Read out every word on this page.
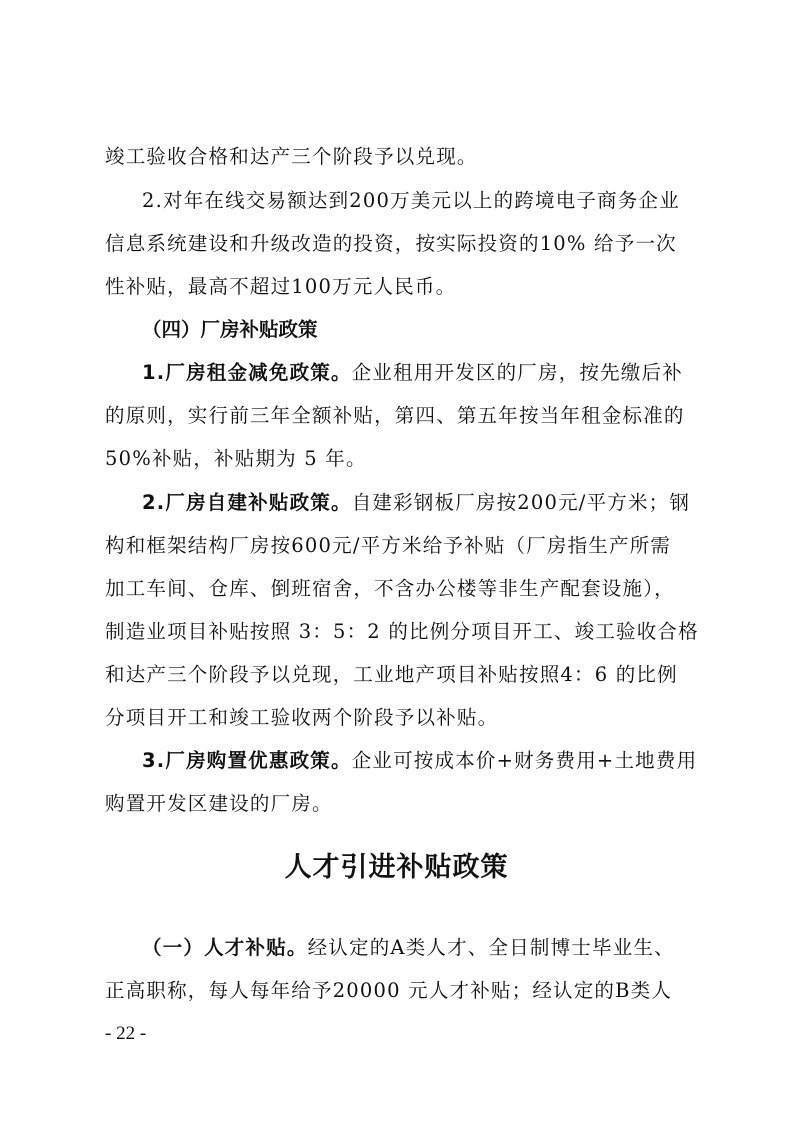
竣工验收合格和达产三个阶段予以兑现。
2.对年在线交易额达到200万美元以上的跨境电子商务企业
信息系统建设和升级改造的投资，按实际投资的10% 给予一次
性补贴，最高不超过100万元人民币。
（四）厂房补贴政策
1.厂房租金减免政策。企业租用开发区的厂房，按先缴后补
的原则，实行前三年全额补贴，第四、第五年按当年租金标准的
50%补贴，补贴期为 5 年。
2.厂房自建补贴政策。自建彩钢板厂房按200元/平方米；钢
构和框架结构厂房按600元/平方米给予补贴（厂房指生产所需
加工车间、仓库、倒班宿舍，不含办公楼等非生产配套设施），
制造业项目补贴按照 3：5：2 的比例分项目开工、竣工验收合格
和达产三个阶段予以兑现，工业地产项目补贴按照4：6 的比例
分项目开工和竣工验收两个阶段予以补贴。
3.厂房购置优惠政策。企业可按成本价+财务费用+土地费用
购置开发区建设的厂房。
人才引进补贴政策
（一）人才补贴。经认定的A类人才、全日制博士毕业生、
正高职称，每人每年给予20000 元人才补贴；经认定的B类人
- 22 -
